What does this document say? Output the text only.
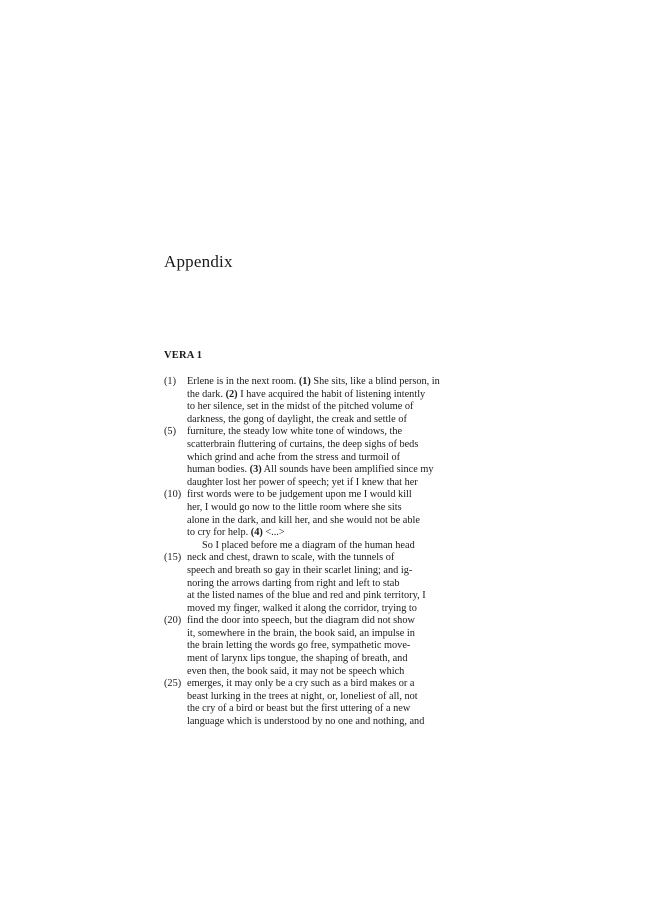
Appendix
VERA 1
(1)	Erlene is in the next room. (1) She sits, like a blind person, in
the dark. (2) I have acquired the habit of listening intently
to her silence, set in the midst of the pitched volume of
darkness, the gong of daylight, the creak and settle of
(5)	furniture, the steady low white tone of windows, the
scatterbrain fluttering of curtains, the deep sighs of beds
which grind and ache from the stress and turmoil of
human bodies. (3) All sounds have been amplified since my
daughter lost her power of speech; yet if I knew that her
(10) first words were to be judgement upon me I would kill
her, I would go now to the little room where she sits
alone in the dark, and kill her, and she would not be able
to cry for help. (4) <...>
So I placed before me a diagram of the human head
(15) neck and chest, drawn to scale, with the tunnels of
speech and breath so gay in their scarlet lining; and ig-
noring the arrows darting from right and left to stab
at the listed names of the blue and red and pink territory, I
moved my finger, walked it along the corridor, trying to
(20) find the door into speech, but the diagram did not show
it, somewhere in the brain, the book said, an impulse in
the brain letting the words go free, sympathetic move-
ment of larynx lips tongue, the shaping of breath, and
even then, the book said, it may not be speech which
(25) emerges, it may only be a cry such as a bird makes or a
beast lurking in the trees at night, or, loneliest of all, not
the cry of a bird or beast but the first uttering of a new
language which is understood by no one and nothing, and
